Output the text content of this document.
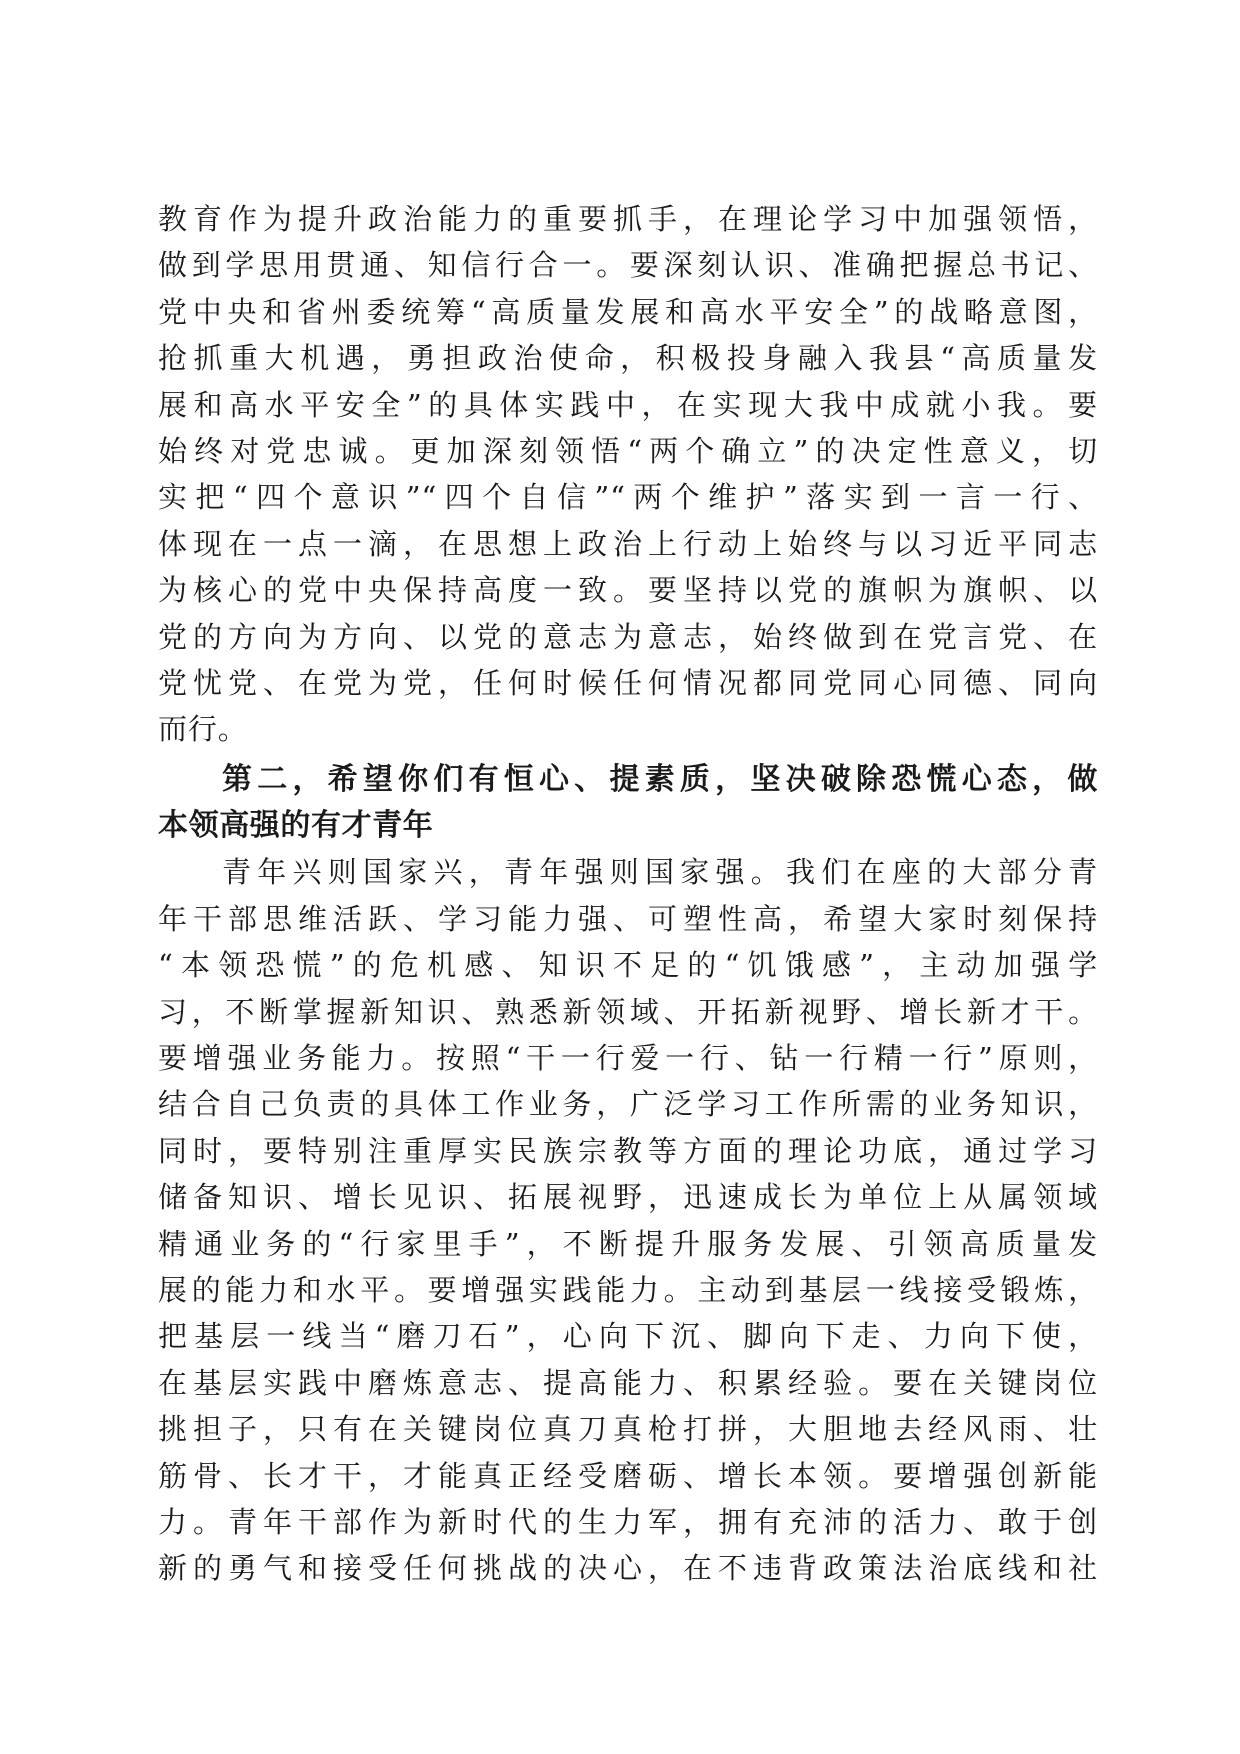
教育作为提升政治能力的重要抓手，在理论学习中加强领悟，
做到学思用贯通、知信行合一。要深刻认识、准确把握总书记、
党中央和省州委统筹“高质量发展和高水平安全”的战略意图，
抢抓重大机遇，勇担政治使命，积极投身融入我县“高质量发
展和高水平安全”的具体实践中，在实现大我中成就小我。要
始终对党忠诚。更加深刻领悟“两个确立”的决定性意义，切
实把“四个意识”“四个自信”“两个维护”落实到一言一行、
体现在一点一滴，在思想上政治上行动上始终与以习近平同志
为核心的党中央保持高度一致。要坚持以党的旗帜为旗帜、以
党的方向为方向、以党的意志为意志，始终做到在党言党、在
党忧党、在党为党，任何时候任何情况都同党同心同德、同向
而行。
第二，希望你们有恒心、提素质，坚决破除恐慌心态，做
本领高强的有才青年
青年兴则国家兴，青年强则国家强。我们在座的大部分青
年干部思维活跃、学习能力强、可塑性高，希望大家时刻保持
“本领恐慌”的危机感、知识不足的“饥饿感”，主动加强学
习，不断掌握新知识、熟悉新领域、开拓新视野、增长新才干。
要增强业务能力。按照“干一行爱一行、钻一行精一行”原则，
结合自己负责的具体工作业务，广泛学习工作所需的业务知识，
同时，要特别注重厚实民族宗教等方面的理论功底，通过学习
储备知识、增长见识、拓展视野，迅速成长为单位上从属领域
精通业务的“行家里手”，不断提升服务发展、引领高质量发
展的能力和水平。要增强实践能力。主动到基层一线接受锻炼，
把基层一线当“磨刀石”，心向下沉、脚向下走、力向下使，
在基层实践中磨炼意志、提高能力、积累经验。要在关键岗位
挑担子，只有在关键岗位真刀真枪打拼，大胆地去经风雨、壮
筋骨、长才干，才能真正经受磨砺、增长本领。要增强创新能
力。青年干部作为新时代的生力军，拥有充沛的活力、敢于创
新的勇气和接受任何挑战的决心，在不违背政策法治底线和社
